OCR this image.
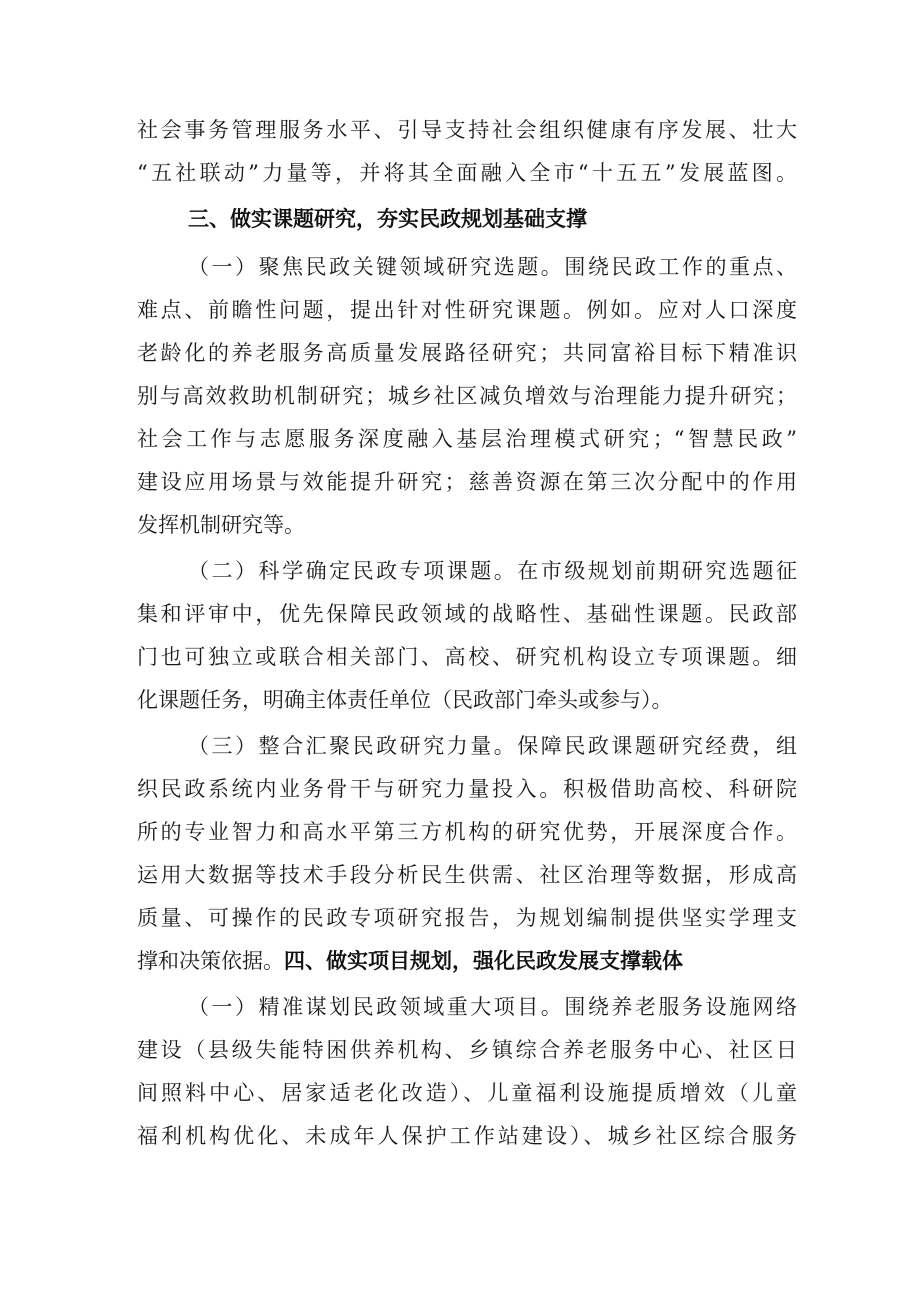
社会事务管理服务水平、引导支持社会组织健康有序发展、壮大
“五社联动”力量等，并将其全面融入全市“十五五”发展蓝图。
三、做实课题研究，夯实民政规划基础支撑
（一）聚焦民政关键领域研究选题。围绕民政工作的重点、
难点、前瞻性问题，提出针对性研究课题。例如。应对人口深度
老龄化的养老服务高质量发展路径研究；共同富裕目标下精准识
别与高效救助机制研究；城乡社区减负增效与治理能力提升研究；
社会工作与志愿服务深度融入基层治理模式研究；“智慧民政”
建设应用场景与效能提升研究；慈善资源在第三次分配中的作用
发挥机制研究等。
（二）科学确定民政专项课题。在市级规划前期研究选题征
集和评审中，优先保障民政领域的战略性、基础性课题。民政部
门也可独立或联合相关部门、高校、研究机构设立专项课题。细
化课题任务，明确主体责任单位（民政部门牵头或参与）。
（三）整合汇聚民政研究力量。保障民政课题研究经费，组
织民政系统内业务骨干与研究力量投入。积极借助高校、科研院
所的专业智力和高水平第三方机构的研究优势，开展深度合作。
运用大数据等技术手段分析民生供需、社区治理等数据，形成高
质量、可操作的民政专项研究报告，为规划编制提供坚实学理支
撑和决策依据。四、做实项目规划，强化民政发展支撑载体
（一）精准谋划民政领域重大项目。围绕养老服务设施网络
建设（县级失能特困供养机构、乡镇综合养老服务中心、社区日
间照料中心、居家适老化改造）、儿童福利设施提质增效（儿童
福利机构优化、未成年人保护工作站建设）、城乡社区综合服务
